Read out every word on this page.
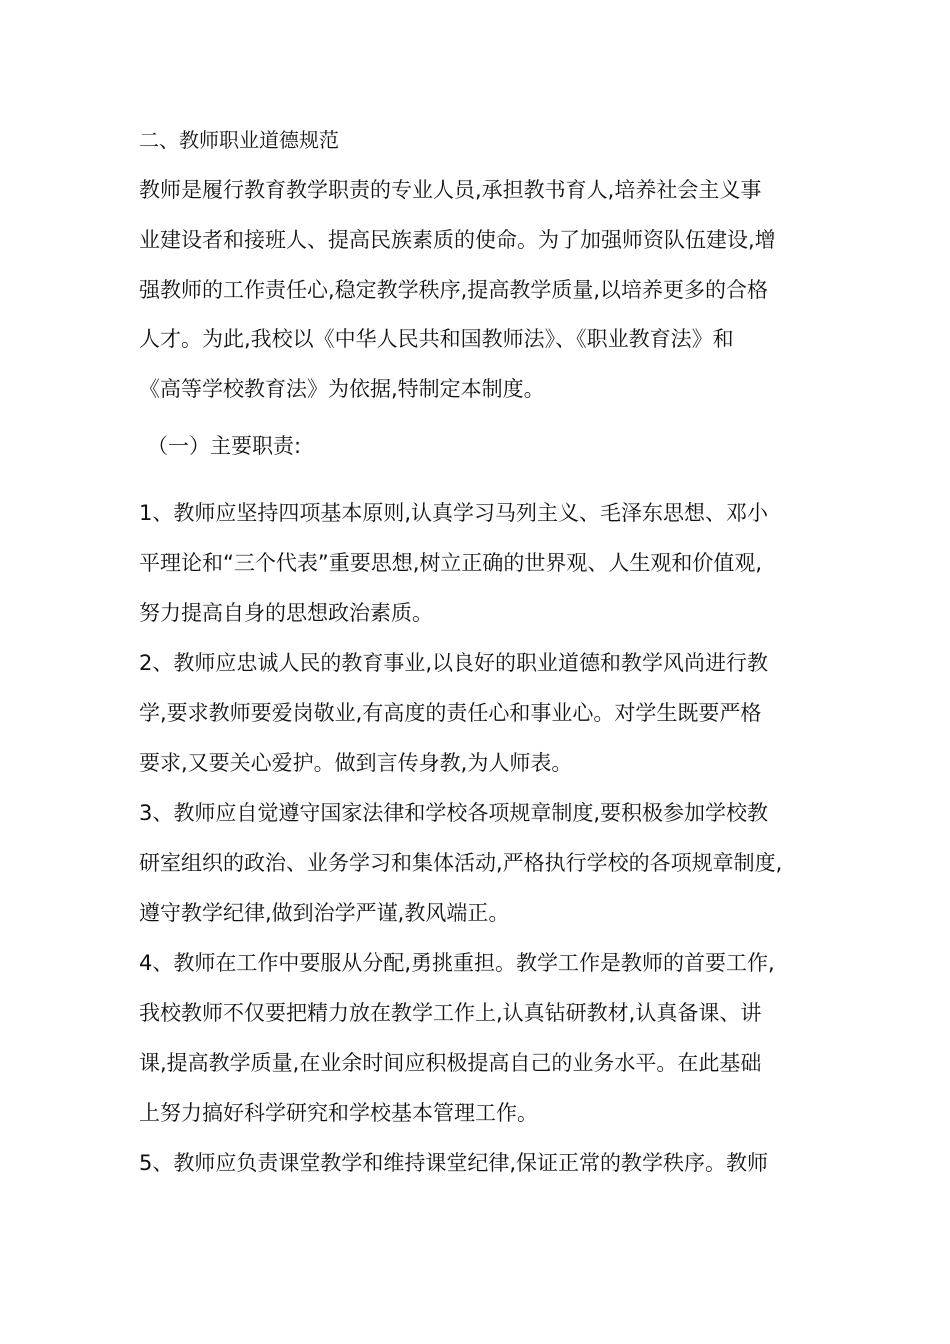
二、教师职业道德规范
教师是履行教育教学职责的专业人员,承担教书育人,培养社会主义事
业建设者和接班人、提高民族素质的使命。为了加强师资队伍建设,增
强教师的工作责任心,稳定教学秩序,提高教学质量,以培养更多的合格
人才。为此,我校以《中华人民共和国教师法》、《职业教育法》和
《高等学校教育法》为依据,特制定本制度。
（一）主要职责:
1、教师应坚持四项基本原则,认真学习马列主义、毛泽东思想、邓小
平理论和“三个代表”重要思想,树立正确的世界观、人生观和价值观,
努力提高自身的思想政治素质。
2、教师应忠诚人民的教育事业,以良好的职业道德和教学风尚进行教
学,要求教师要爱岗敬业,有高度的责任心和事业心。对学生既要严格
要求,又要关心爱护。做到言传身教,为人师表。
3、教师应自觉遵守国家法律和学校各项规章制度,要积极参加学校教
研室组织的政治、业务学习和集体活动,严格执行学校的各项规章制度,
遵守教学纪律,做到治学严谨,教风端正。
4、教师在工作中要服从分配,勇挑重担。教学工作是教师的首要工作,
我校教师不仅要把精力放在教学工作上,认真钻研教材,认真备课、讲
课,提高教学质量,在业余时间应积极提高自己的业务水平。在此基础
上努力搞好科学研究和学校基本管理工作。
5、教师应负责课堂教学和维持课堂纪律,保证正常的教学秩序。教师
